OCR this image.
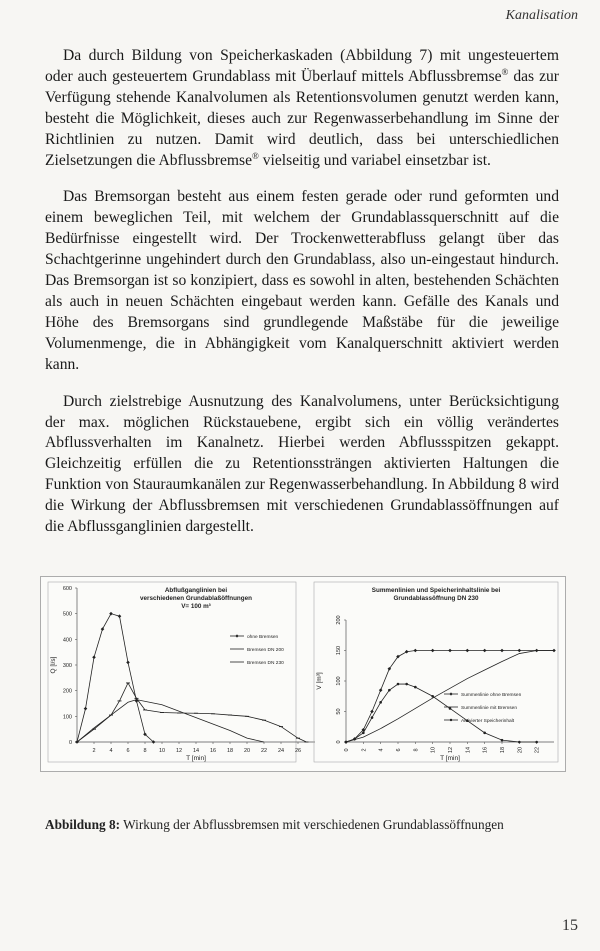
Kanalisation

Da durch Bildung von Speicherkaskaden (Abbildung 7) mit ungesteuertem oder auch gesteuertem Grundablass mit Überlauf mittels Abflussbremse® das zur Verfügung stehende Kanalvolumen als Retentionsvolumen genutzt werden kann, besteht die Möglichkeit, dieses auch zur Regenwasserbehandlung im Sinne der Richtlinien zu nutzen. Damit wird deutlich, dass bei unterschiedlichen Zielsetzungen die Abflussbremse® vielseitig und variabel einsetzbar ist.

Das Bremsorgan besteht aus einem festen gerade oder rund geformten und einem beweglichen Teil, mit welchem der Grundablassquerschnitt auf die Bedürfnisse eingestellt wird. Der Trockenwetterabfluss gelangt über das Schachtgerinne ungehindert durch den Grundablass, also un-eingestaut hindurch. Das Bremsorgan ist so konzipiert, dass es sowohl in alten, bestehenden Schächten als auch in neuen Schächten eingebaut werden kann. Gefälle des Kanals und Höhe des Bremsorgans sind grundlegende Maßstäbe für die jeweilige Volumenmenge, die in Abhängigkeit vom Kanalquerschnitt aktiviert werden kann.

Durch zielstrebige Ausnutzung des Kanalvolumens, unter Berücksichtigung der max. möglichen Rückstauebene, ergibt sich ein völlig verändertes Abflussverhalten im Kanalnetz. Hierbei werden Abflussspitzen gekappt. Gleichzeitig erfüllen die zu Retentionssträngen aktivierten Haltungen die Funktion von Stauraumkanälen zur Regenwasserbehandlung. In Abbildung 8 wird die Wirkung der Abflussbremsen mit verschiedenen Grundablassöffnungen auf die Abflussganglinien dargestellt.

0
100
200
300
400
500
600
2	4	6	8 10 12 14 16 18 20 22 24 26
T [min]
Q [l/s]
Abflußganglinien bei
verschiedenen Grundablaßöffnungen
V= 100 m³
ohne Bremsen
Bremsen DN 200
Bremsen DN 230
0
50
100
150
200
0 2 4 6 8 10 12 14 16 18 20 22
T [min]
V [m³]
Summenlinien und Speicherinhaltslinie bei
Grundablassöffnung DN 230
Summenlinie ohne Bremsen
Summenlinie mit Bremsen
Aktivierter Speicherinhalt
Abbildung 8: Wirkung der Abflussbremsen mit verschiedenen Grundablassöffnungen
15
